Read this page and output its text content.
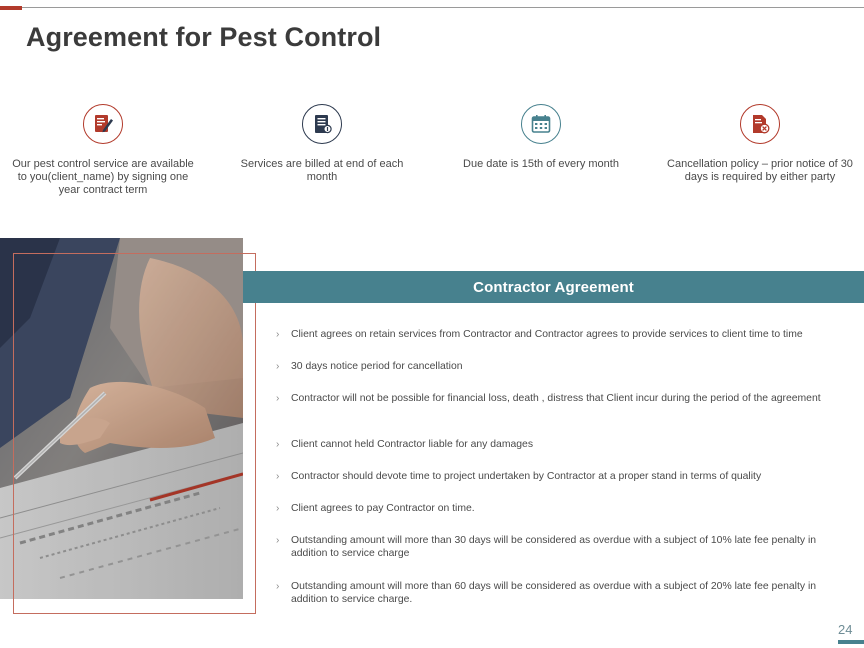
Agreement for Pest Control

Our pest control service are available to you(client_name) by signing one year contract term

Services are billed at end of each month

Due date is 15th of every month	Cancellation policy – prior notice of 30 days is required by either party

Contractor Agreement
›	Client agrees on retain services from Contractor and Contractor agrees to provide services to client time to time
›	30 days notice period for cancellation
›	Contractor will not be possible for financial loss, death , distress that Client incur during the period of the agreement
›	Client cannot held Contractor liable for any damages
›	Contractor should devote time to project undertaken by Contractor at a proper stand in terms of quality
›	Client agrees to pay Contractor on time.
›	Outstanding amount will more than 30 days will be considered as overdue with a subject of 10% late fee penalty in addition to service charge
›	Outstanding amount will more than 60 days will be considered as overdue with a subject of 20% late fee penalty in addition to service charge.
24
